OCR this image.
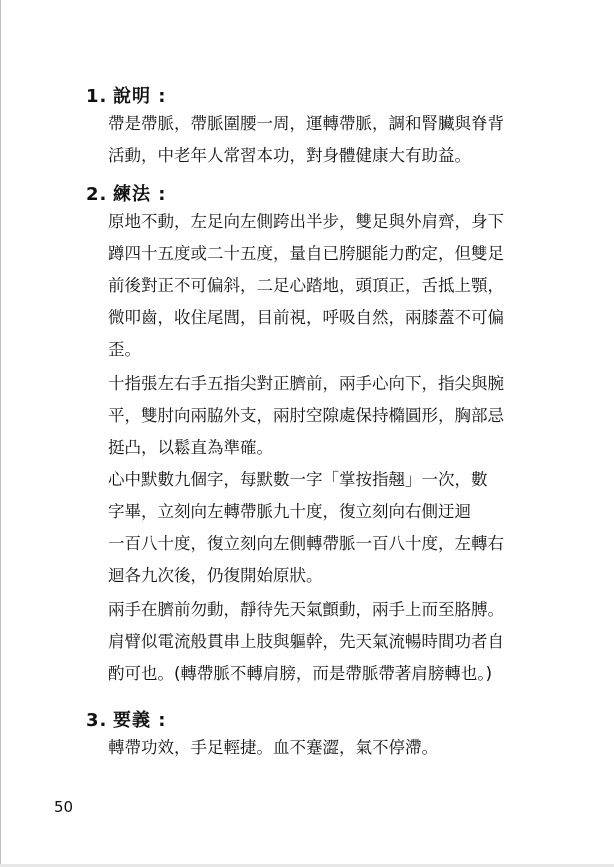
1. 說明 :
帶是帶脈，帶脈圍腰一周，運轉帶脈，調和腎臟與脊背
活動，中老年人常習本功，對身體健康大有助益。
2. 練法 :
原地不動，左足向左側跨出半步，雙足與外肩齊，身下
蹲四十五度或二十五度，量自已胯腿能力酌定，但雙足
前後對正不可偏斜，二足心踏地，頭頂正，舌抵上顎，
微叩齒，收住尾閭，目前視，呼吸自然，兩膝蓋不可偏
歪。
十指張左右手五指尖對正臍前，兩手心向下，指尖與腕
平，雙肘向兩脇外支，兩肘空隙處保持橢圓形，胸部忌
挺凸，以鬆直為準確。
心中默數九個字，每默數一字「掌按指翹」一次，數
字畢，立刻向左轉帶脈九十度，復立刻向右側迂迴
一百八十度，復立刻向左側轉帶脈一百八十度，左轉右
迴各九次後，仍復開始原狀。
兩手在臍前勿動，靜待先天氣顫動，兩手上而至胳膊。
肩臂似電流般貫串上肢與軀幹，先天氣流暢時間功者自
酌可也。(轉帶脈不轉肩膀，而是帶脈帶著肩膀轉也。)
3. 要義 :
轉帶功效，手足輕捷。血不蹇澀，氣不停滯。
50
